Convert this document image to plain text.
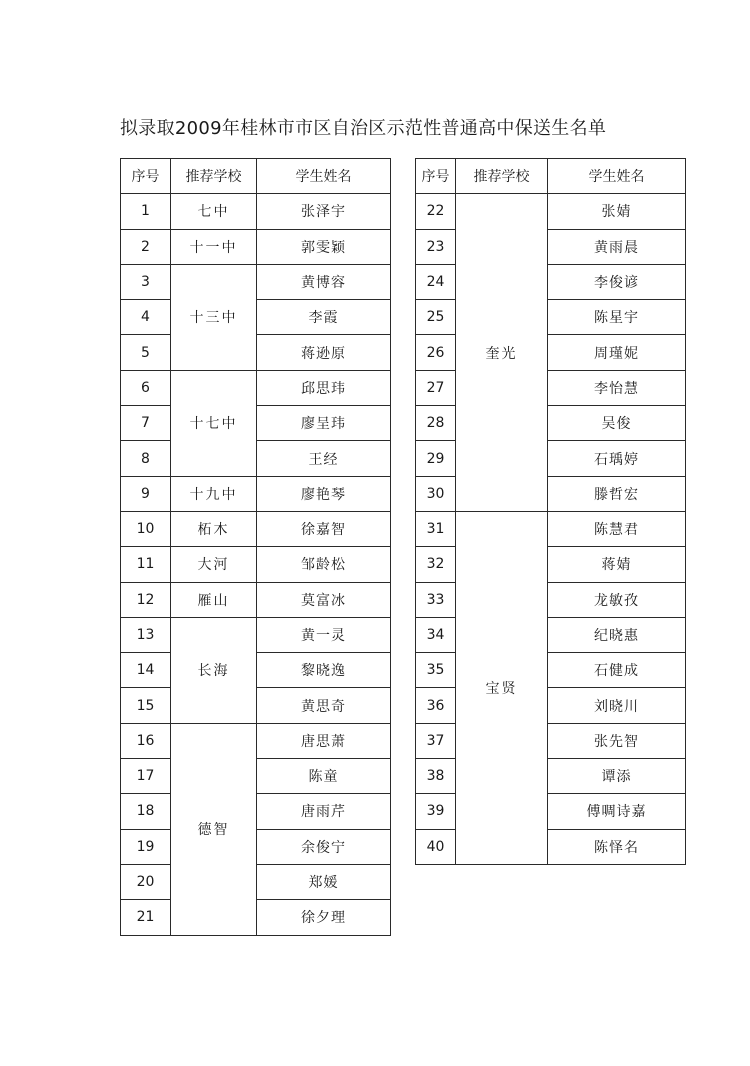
拟录取2009年桂林市市区自治区示范性普通高中保送生名单
序号	推荐学校	学生姓名
1	七中	张泽宇
2	十一中	郭雯颖
3	十三中	黄博容
4		李霞
5		蒋逊原
6	十七中	邱思玮
7		廖呈玮
8		王经
9	十九中	廖艳琴
10	柘木	徐嘉智
11	大河	邹龄松
12	雁山	莫富冰
13	长海	黄一灵
14		黎晓逸
15		黄思奇
16	德智	唐思萧
17		陈童
18		唐雨芹
19		余俊宁
20		郑媛
21		徐夕理
序号	推荐学校	学生姓名
22	奎光	张婧
23		黄雨晨
24		李俊谚
25		陈星宇
26		周瑾妮
27		李怡慧
28		吴俊
29		石瑀婷
30		滕哲宏
31	宝贤	陈慧君
32		蒋婧
33		龙敏孜
34		纪晓惠
35		石健成
36		刘晓川
37		张先智
38		谭添
39		傅啁诗嘉
40		陈怿名
